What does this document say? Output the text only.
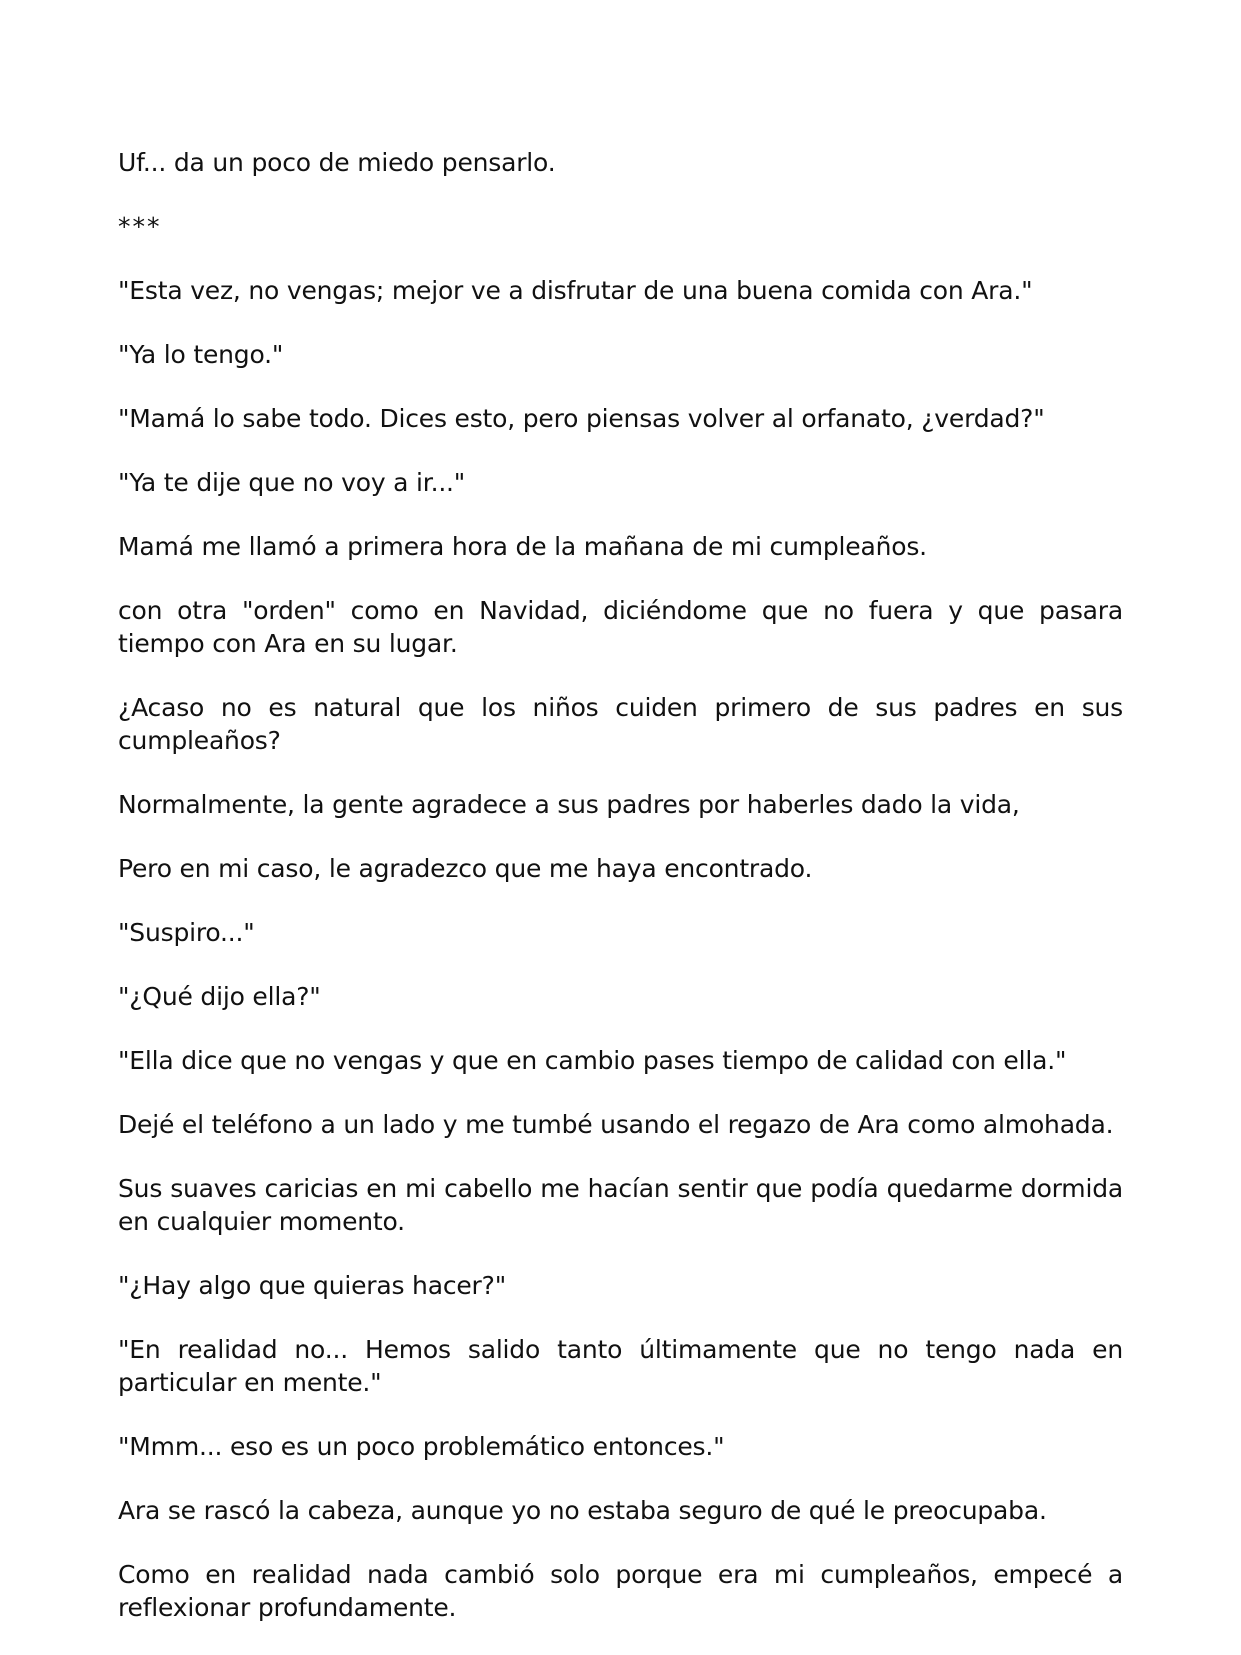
Uf... da un poco de miedo pensarlo.

***

"Esta vez, no vengas; mejor ve a disfrutar de una buena comida con Ara."

"Ya lo tengo."

"Mamá lo sabe todo. Dices esto, pero piensas volver al orfanato, ¿verdad?"

"Ya te dije que no voy a ir..."

Mamá me llamó a primera hora de la mañana de mi cumpleaños.

con otra "orden" como en Navidad, diciéndome que no fuera y que pasara tiempo con Ara en su lugar.

¿Acaso no es natural que los niños cuiden primero de sus padres en sus cumpleaños?

Normalmente, la gente agradece a sus padres por haberles dado la vida,

Pero en mi caso, le agradezco que me haya encontrado.

"Suspiro..."

"¿Qué dijo ella?"

"Ella dice que no vengas y que en cambio pases tiempo de calidad con ella."

Dejé el teléfono a un lado y me tumbé usando el regazo de Ara como almohada.

Sus suaves caricias en mi cabello me hacían sentir que podía quedarme dormida en cualquier momento.

"¿Hay algo que quieras hacer?"

"En realidad no... Hemos salido tanto últimamente que no tengo nada en particular en mente."

"Mmm... eso es un poco problemático entonces."

Ara se rascó la cabeza, aunque yo no estaba seguro de qué le preocupaba.

Como en realidad nada cambió solo porque era mi cumpleaños, empecé a reflexionar profundamente.
